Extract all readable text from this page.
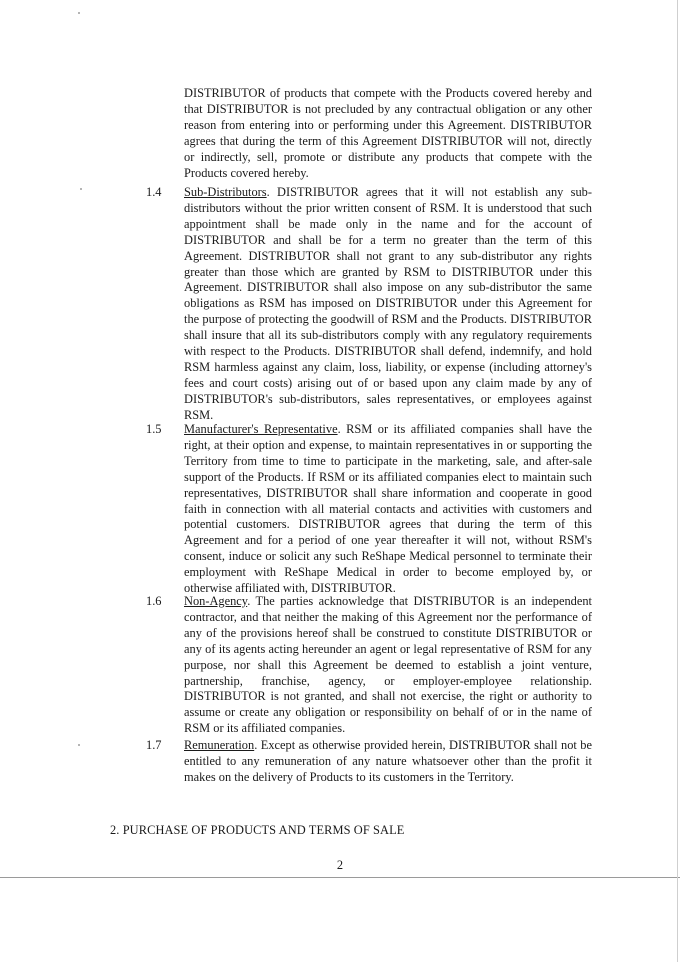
DISTRIBUTOR of products that compete with the Products covered hereby and that DISTRIBUTOR is not precluded by any contractual obligation or any other reason from entering into or performing under this Agreement. DISTRIBUTOR agrees that during the term of this Agreement DISTRIBUTOR will not, directly or indirectly, sell, promote or distribute any products that compete with the Products covered hereby.
1.4 Sub-Distributors. DISTRIBUTOR agrees that it will not establish any sub-distributors without the prior written consent of RSM. It is understood that such appointment shall be made only in the name and for the account of DISTRIBUTOR and shall be for a term no greater than the term of this Agreement. DISTRIBUTOR shall not grant to any sub-distributor any rights greater than those which are granted by RSM to DISTRIBUTOR under this Agreement. DISTRIBUTOR shall also impose on any sub-distributor the same obligations as RSM has imposed on DISTRIBUTOR under this Agreement for the purpose of protecting the goodwill of RSM and the Products. DISTRIBUTOR shall insure that all its sub-distributors comply with any regulatory requirements with respect to the Products. DISTRIBUTOR shall defend, indemnify, and hold RSM harmless against any claim, loss, liability, or expense (including attorney's fees and court costs) arising out of or based upon any claim made by any of DISTRIBUTOR's sub-distributors, sales representatives, or employees against RSM.
1.5 Manufacturer's Representative. RSM or its affiliated companies shall have the right, at their option and expense, to maintain representatives in or supporting the Territory from time to time to participate in the marketing, sale, and after-sale support of the Products. If RSM or its affiliated companies elect to maintain such representatives, DISTRIBUTOR shall share information and cooperate in good faith in connection with all material contacts and activities with customers and potential customers. DISTRIBUTOR agrees that during the term of this Agreement and for a period of one year thereafter it will not, without RSM's consent, induce or solicit any such ReShape Medical personnel to terminate their employment with ReShape Medical in order to become employed by, or otherwise affiliated with, DISTRIBUTOR.
1.6 Non-Agency. The parties acknowledge that DISTRIBUTOR is an independent contractor, and that neither the making of this Agreement nor the performance of any of the provisions hereof shall be construed to constitute DISTRIBUTOR or any of its agents acting hereunder an agent or legal representative of RSM for any purpose, nor shall this Agreement be deemed to establish a joint venture, partnership, franchise, agency, or employer-employee relationship. DISTRIBUTOR is not granted, and shall not exercise, the right or authority to assume or create any obligation or responsibility on behalf of or in the name of RSM or its affiliated companies.
1.7 Remuneration. Except as otherwise provided herein, DISTRIBUTOR shall not be entitled to any remuneration of any nature whatsoever other than the profit it makes on the delivery of Products to its customers in the Territory.
2. PURCHASE OF PRODUCTS AND TERMS OF SALE
2
